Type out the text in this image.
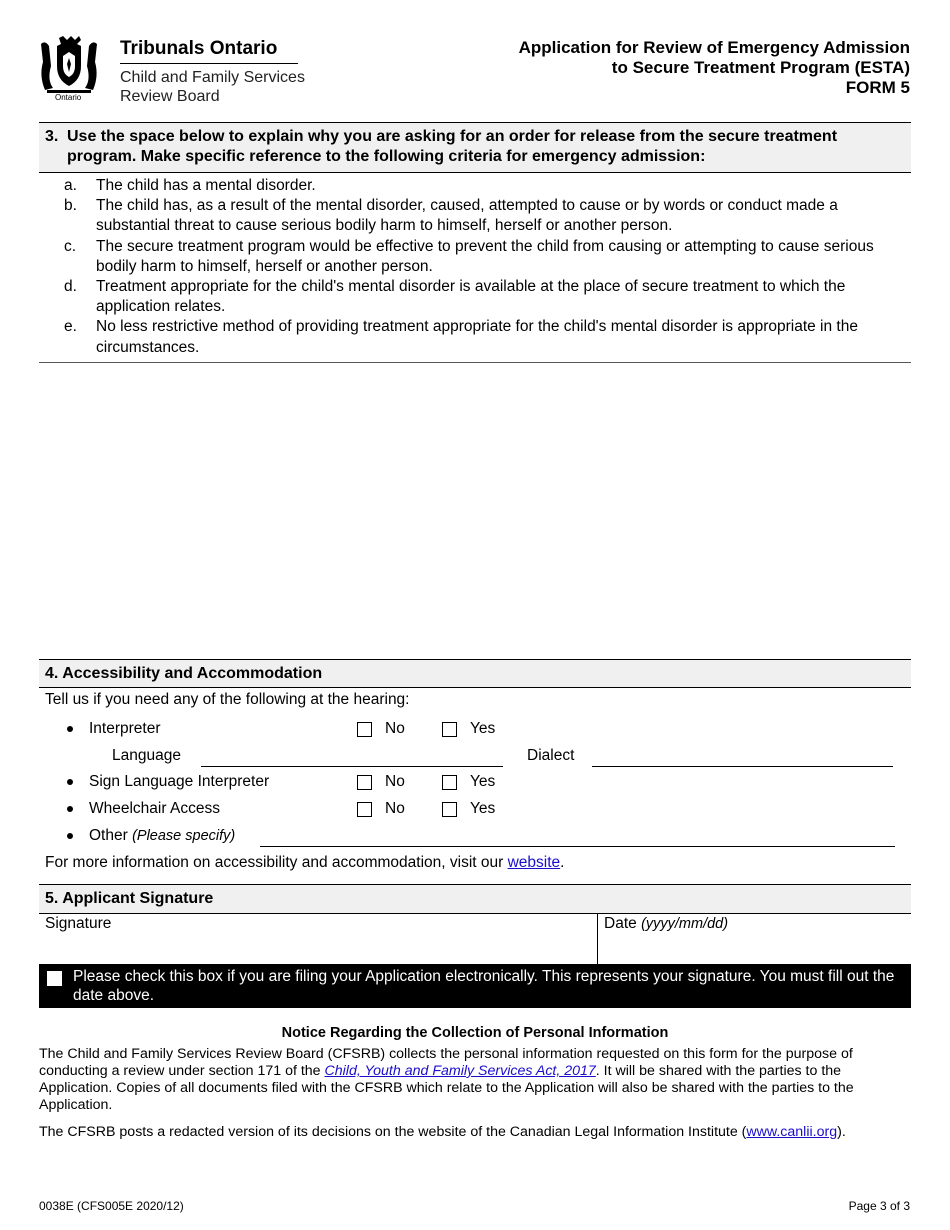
Ontario
Tribunals Ontario
Child and Family Services
Review Board
Application for Review of Emergency Admission
to Secure Treatment Program (ESTA)
FORM 5
3. Use the space below to explain why you are asking for an order for release from the secure treatment program. Make specific reference to the following criteria for emergency admission:
a.	The child has a mental disorder.
b.	The child has, as a result of the mental disorder, caused, attempted to cause or by words or conduct made a substantial threat to cause serious bodily harm to himself, herself or another person.
c.	The secure treatment program would be effective to prevent the child from causing or attempting to cause serious bodily harm to himself, herself or another person.
d.	Treatment appropriate for the child's mental disorder is available at the place of secure treatment to which the application relates.
e.	No less restrictive method of providing treatment appropriate for the child's mental disorder is appropriate in the circumstances.
4. Accessibility and Accommodation
Tell us if you need any of the following at the hearing:
Interpreter	No	Yes
Language	Dialect
Sign Language Interpreter	No	Yes
Wheelchair Access	No	Yes
Other (Please specify)
For more information on accessibility and accommodation, visit our website.
5. Applicant Signature
Signature	Date (yyyy/mm/dd)
Please check this box if you are filing your Application electronically. This represents your signature. You must fill out the date above.
Notice Regarding the Collection of Personal Information
The Child and Family Services Review Board (CFSRB) collects the personal information requested on this form for the purpose of conducting a review under section 171 of the Child, Youth and Family Services Act, 2017. It will be shared with the parties to the Application. Copies of all documents filed with the CFSRB which relate to the Application will also be shared with the parties to the Application.
The CFSRB posts a redacted version of its decisions on the website of the Canadian Legal Information Institute (www.canlii.org).
0038E (CFS005E 2020/12)	Page 3 of 3
